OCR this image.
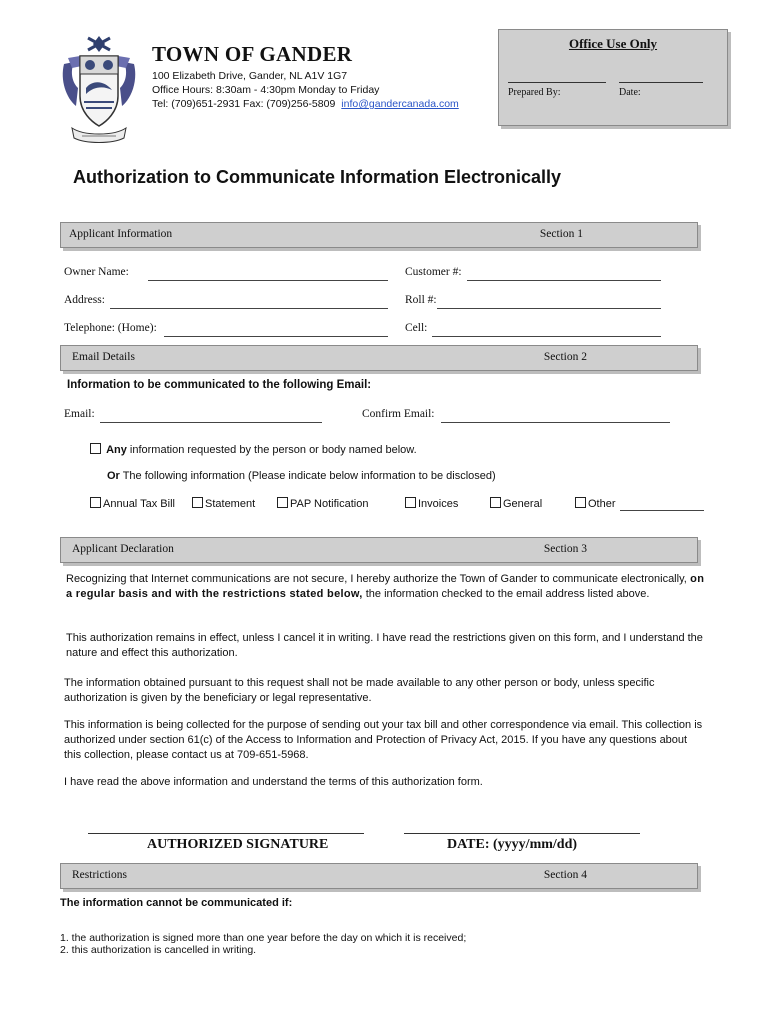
TOWN OF GANDER
100 Elizabeth Drive, Gander, NL A1V 1G7
Office Hours: 8:30am - 4:30pm Monday to Friday
Tel: (709)651-2931 Fax: (709)256-5809 info@gandercanada.com
Office Use Only
Prepared By:	Date:
Authorization to Communicate Information Electronically
Applicant Information	Section 1
Owner Name:	Customer #:
Address:	Roll #:
Telephone: (Home):	Cell:
Email Details	Section 2
Information to be communicated to the following Email:
Email:	Confirm Email:
Any information requested by the person or body named below.
Or The following information (Please indicate below information to be disclosed)
Annual Tax Bill	Statement	PAP Notification	Invoices	General	Other
Applicant Declaration	Section 3
Recognizing that Internet communications are not secure, I hereby authorize the Town of Gander to communicate electronically, on a regular basis and with the restrictions stated below, the information checked to the email address listed above.
This authorization remains in effect, unless I cancel it in writing. I have read the restrictions given on this form, and I understand the nature and effect this authorization.
The information obtained pursuant to this request shall not be made available to any other person or body, unless specific authorization is given by the beneficiary or legal representative.
This information is being collected for the purpose of sending out your tax bill and other correspondence via email. This collection is authorized under section 61(c) of the Access to Information and Protection of Privacy Act, 2015. If you have any questions about this collection, please contact us at 709-651-5968.
I have read the above information and understand the terms of this authorization form.
AUTHORIZED SIGNATURE	DATE: (yyyy/mm/dd)
Restrictions	Section 4
The information cannot be communicated if:
1. the authorization is signed more than one year before the day on which it is received;
2. this authorization is cancelled in writing.
